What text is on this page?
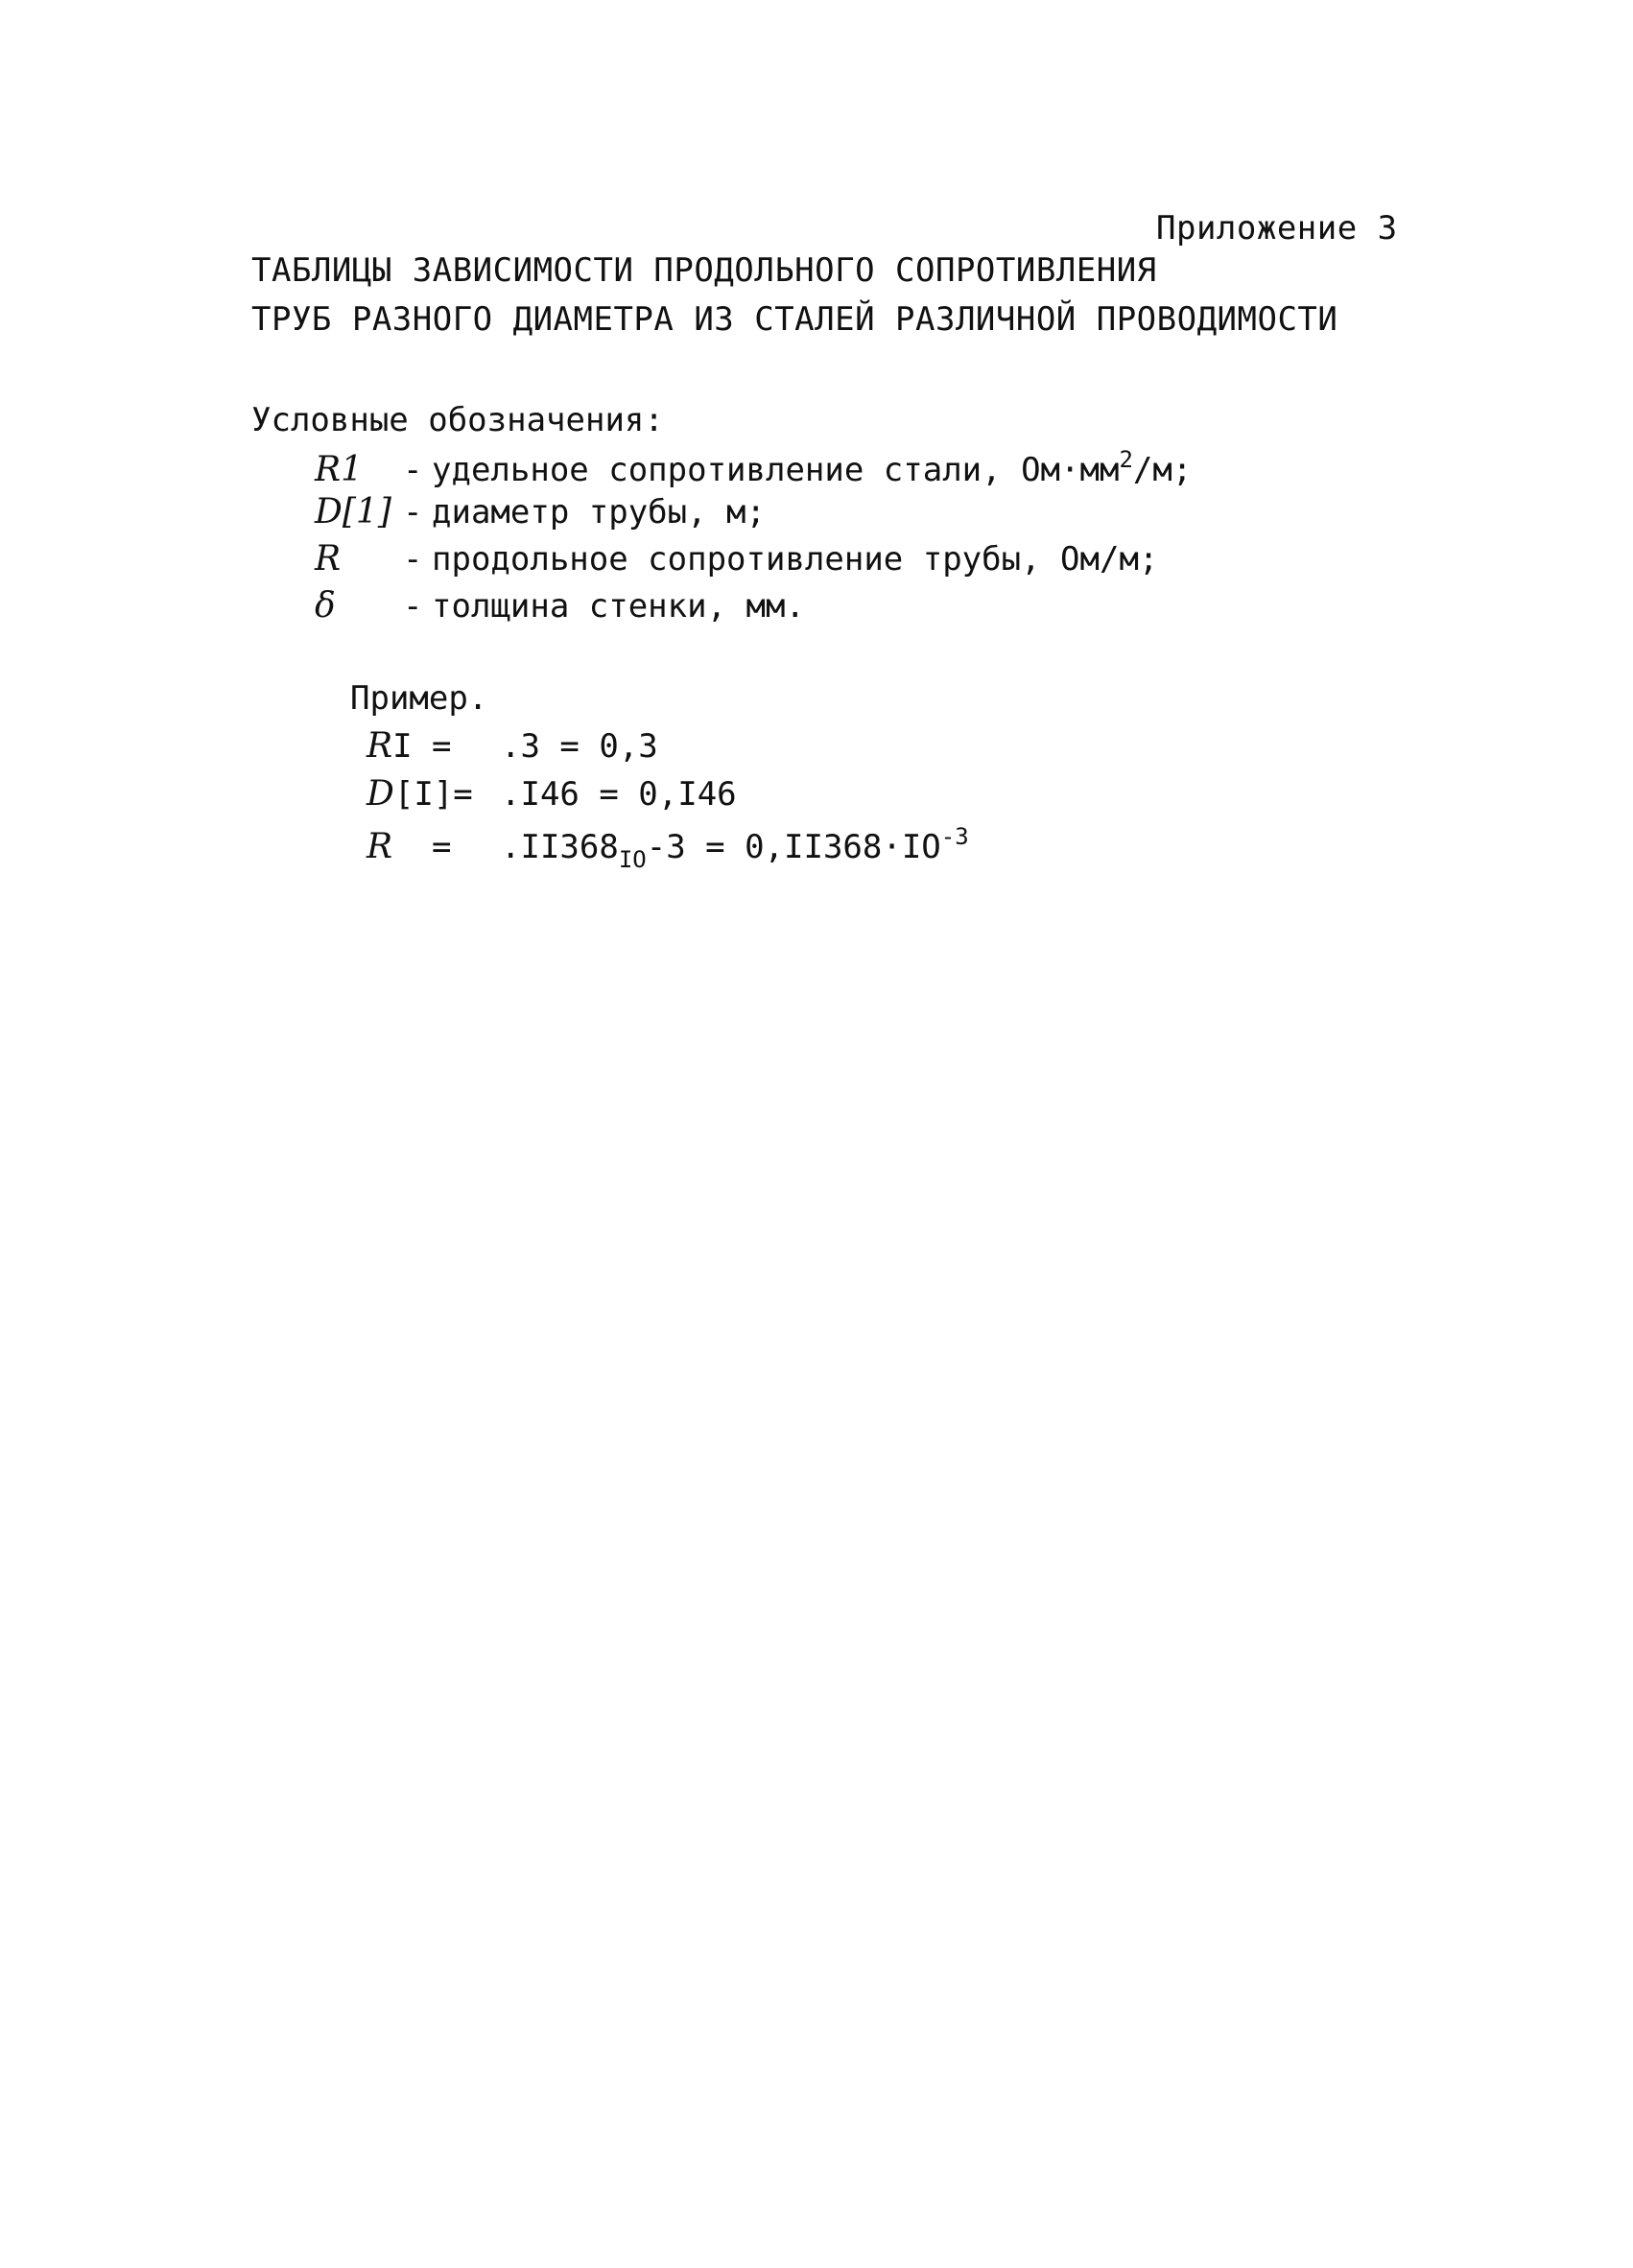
Приложение 3
ТАБЛИЦЫ ЗАВИСИМОСТИ ПРОДОЛЬНОГО СОПРОТИВЛЕНИЯ
ТРУБ РАЗНОГО ДИАМЕТРА ИЗ СТАЛЕЙ РАЗЛИЧНОЙ ПРОВОДИМОСТИ
Условные обозначения:
R1 - удельное сопротивление стали, $Ом\cdot мм^2/м$;
D[1] - диаметр трубы, м;
R - продольное сопротивление трубы, Ом/м;
δ - толщина стенки, мм.
Пример.
RI = .3 = 0,3
D[I]= .I46 = 0,I46
$R = .II368_{IO}-3 = 0,II368\cdot IO^{-3}$
